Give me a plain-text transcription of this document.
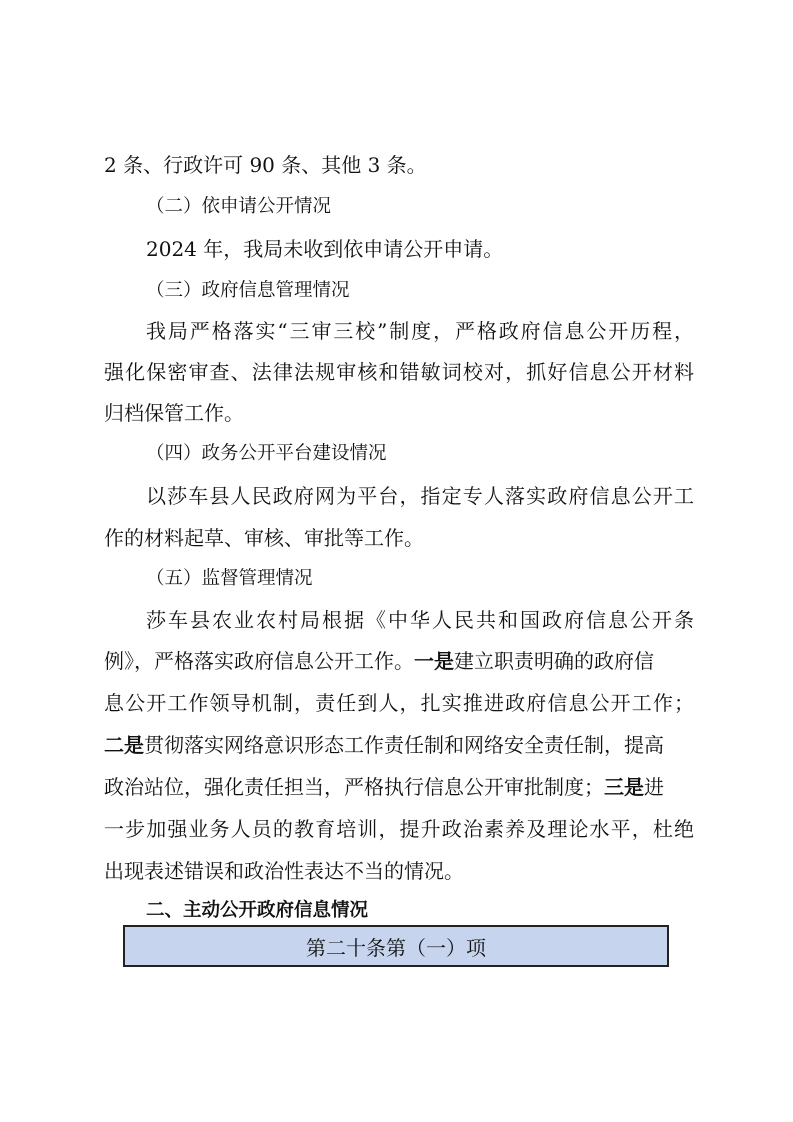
2 条、行政许可 90 条、其他 3 条。
（二）依申请公开情况
2024 年，我局未收到依申请公开申请。
（三）政府信息管理情况
我局严格落实“三审三校”制度，严格政府信息公开历程，
强化保密审查、法律法规审核和错敏词校对，抓好信息公开材料
归档保管工作。
（四）政务公开平台建设情况
以莎车县人民政府网为平台，指定专人落实政府信息公开工
作的材料起草、审核、审批等工作。
（五）监督管理情况
莎车县农业农村局根据《中华人民共和国政府信息公开条
例》，严格落实政府信息公开工作。一是建立职责明确的政府信
息公开工作领导机制，责任到人，扎实推进政府信息公开工作；
二是贯彻落实网络意识形态工作责任制和网络安全责任制，提高
政治站位，强化责任担当，严格执行信息公开审批制度；三是进
一步加强业务人员的教育培训，提升政治素养及理论水平，杜绝
出现表述错误和政治性表达不当的情况。
二、主动公开政府信息情况
第二十条第（一）项
